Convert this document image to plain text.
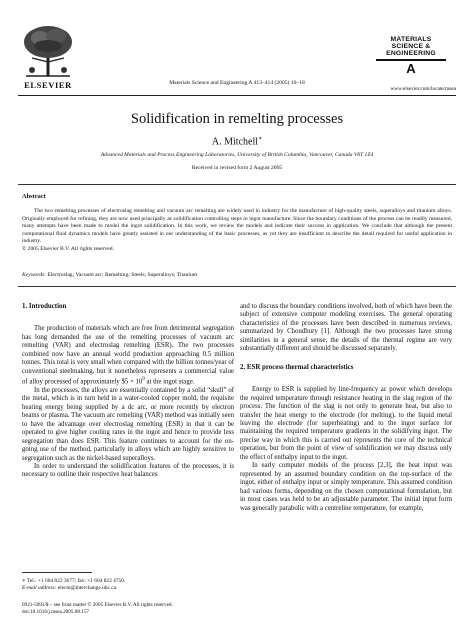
ELSEVIER	Materials Science and Engineering A 413–414 (2005) 10–18
MATERIALS
SCIENCE &
ENGINEERING
A
www.elsevier.com/locate/msea
Solidification in remelting processes
A. Mitchell∗
Advanced Materials and Process Engineering Laboratories, University of British Columbia, Vancouver, Canada V6T 1Z4
Received in revised form 2 August 2005
Abstract
The two remelting processes of electroslag remelting and vacuum arc remelting are widely used in industry for the manufacture of high-quality steels, superalloys and titanium alloys. Originally employed for refining, they are now used principally as solidification controlling steps in ingot manufacture. Since the boundary conditions of the process can be readily measured, many attempts have been made to model the ingot solidification. In this work, we review the models and indicate their success in application. We conclude that although the present computational fluid dynamics models have greatly assisted in our understanding of the basic processes, as yet they are insufficient to describe the detail required for useful application in industry.
© 2005 Elsevier B.V. All rights reserved.
Keywords: Electroslag; Vacuum arc; Remelting; Steels; Superalloys; Titanium
1. Introduction

The production of materials which are free from detrimental segregation has long demanded the use of the remelting processes of vacuum arc remelting (VAR) and electroslag remelting (ESR). The two processes combined now have an annual world production approaching 0.5 million tonnes. This total is very small when compared with the billion tonnes/year of conventional steelmaking, but it nonetheless represents a commercial value of alloy processed of approximately $5 × $10^9$ at the ingot stage.

In the processes, the alloys are essentially contained by a solid “skull” of the metal, which is in turn held in a water-cooled copper mold, the requisite heating energy being supplied by a dc arc, or more recently by electron beams or plasma. The vacuum arc remelting (VAR) method was initially seen to have the advantage over electroslag remelting (ESR) in that it can be operated to give higher cooling rates in the ingot and hence to provide less segregation than does ESR. This feature continues to account for the on-going use of the method, particularly in alloys which are highly sensitive to segregation such as the nickel-based superalloys.

In order to understand the solidification features of the processes, it is necessary to outline their respective heat balances

and to discuss the boundary conditions involved, both of which have been the subject of extensive computer modeling exercises. The general operating characteristics of the processes have been described in numerous reviews, summarized by Choudhury [1]. Although the two processes have strong similarities in a general sense, the details of the thermal regime are very substantially different and should be discussed separately.

2. ESR process thermal characteristics

Energy to ESR is supplied by line-frequency ac power which develops the required temperature through resistance heating in the slag region of the process. The function of the slag is not only to generate heat, but also to transfer the heat energy to the electrode (for melting), to the liquid metal leaving the electrode (for superheating) and to the ingot surface for maintaining the required temperature gradients in the solidifying ingot. The precise way in which this is carried out represents the core of the technical operation, but from the point of view of solidification we may discuss only the effect of enthalpy input to the ingot.

In early computer models of the process [2,3], the heat input was represented by an assumed boundary condition on the top-surface of the ingot, either of enthalpy input or simply temperature. This assumed condition had various forms, depending on the chosen computational formulation, but in most cases was held to be an adjustable parameter. The initial input form was generally parabolic with a centreline temperature, for example,

∗ Tel.: +1 604 822 3677; fax: +1 604 822 4750.
E-mail address: elecm@interchange.ubc.ca.
0921-5093/$ – see front matter © 2005 Elsevier B.V. All rights reserved.
doi:10.1016/j.msea.2005.08.157
